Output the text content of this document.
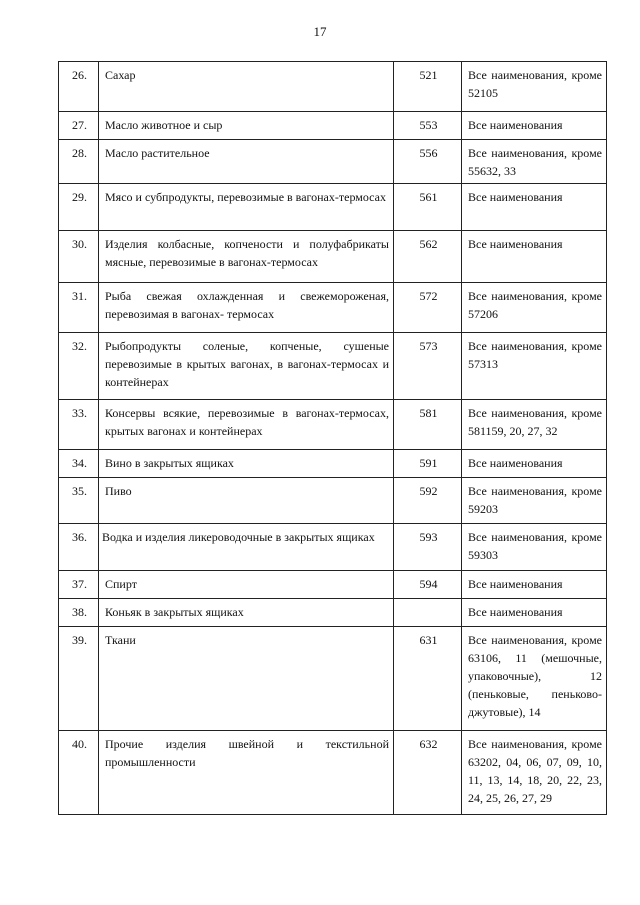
17
26.	Сахар	521	Все наименования, кроме 52105
27.	Масло животное и сыр	553	Все наименования
28.	Масло растительное	556	Все наименования, кроме 55632, 33
29.	Мясо и субпродукты, перевозимые в вагонах-термосах	561	Все наименования
30.	Изделия колбасные, копчености и полуфабрикаты мясные, перевозимые в вагонах-термосах	562	Все наименования
31.	Рыба свежая охлажденная и свежемороженая, перевозимая в вагонах- термосах	572	Все наименования, кроме 57206
32.	Рыбопродукты соленые, копченые, сушеные перевозимые в крытых вагонах, в вагонах-термосах и контейнерах	573	Все наименования, кроме 57313
33.	Консервы всякие, перевозимые в вагонах-термосах, крытых вагонах и контейнерах	581	Все наименования, кроме 581159, 20, 27, 32
34.	Вино в закрытых ящиках	591	Все наименования
35.	Пиво	592	Все наименования, кроме 59203
36.	Водка и изделия ликероводочные в закрытых ящиках	593	Все наименования, кроме 59303
37.	Спирт	594	Все наименования
38.	Коньяк в закрытых ящиках		Все наименования
39.	Ткани	631	Все наименования, кроме 63106, 11 (мешочные, упаковочные), 12 (пеньковые, пеньково-джутовые), 14
40.	Прочие изделия швейной и текстильной промышленности	632	Все наименования, кроме 63202, 04, 06, 07, 09, 10, 11, 13, 14, 18, 20, 22, 23, 24, 25, 26, 27, 29
